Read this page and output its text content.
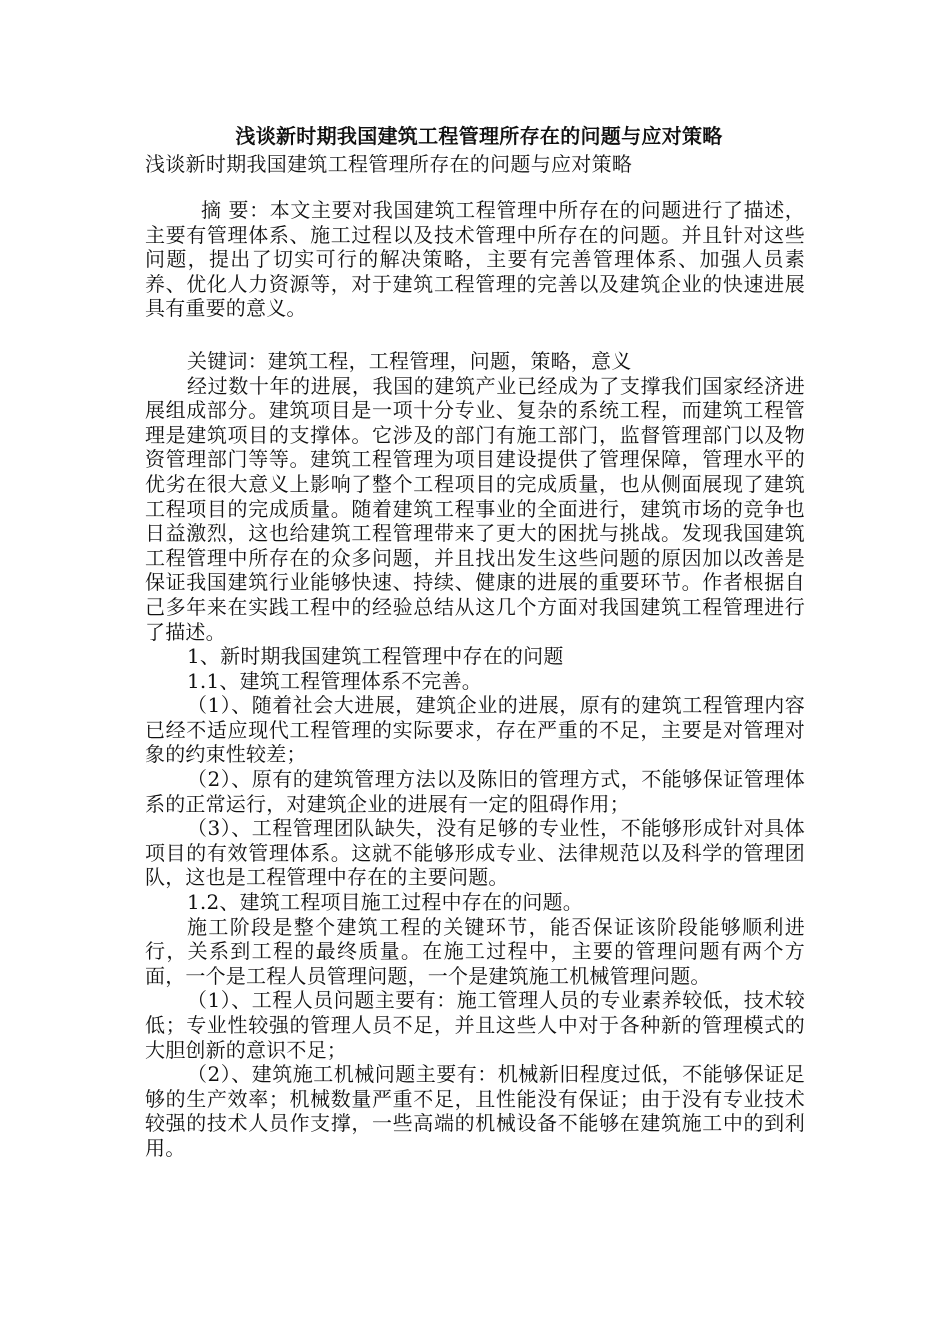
浅谈新时期我国建筑工程管理所存在的问题与应对策略

浅谈新时期我国建筑工程管理所存在的问题与应对策略

摘 要：本文主要对我国建筑工程管理中所存在的问题进行了描述，主要有管理体系、施工过程以及技术管理中所存在的问题。并且针对这些问题，提出了切实可行的解决策略，主要有完善管理体系、加强人员素养、优化人力资源等，对于建筑工程管理的完善以及建筑企业的快速进展具有重要的意义。

关键词：建筑工程，工程管理，问题，策略，意义

经过数十年的进展，我国的建筑产业已经成为了支撑我们国家经济进展组成部分。建筑项目是一项十分专业、复杂的系统工程，而建筑工程管理是建筑项目的支撑体。它涉及的部门有施工部门，监督管理部门以及物资管理部门等等。建筑工程管理为项目建设提供了管理保障，管理水平的优劣在很大意义上影响了整个工程项目的完成质量，也从侧面展现了建筑工程项目的完成质量。随着建筑工程事业的全面进行，建筑市场的竞争也日益激烈，这也给建筑工程管理带来了更大的困扰与挑战。发现我国建筑工程管理中所存在的众多问题，并且找出发生这些问题的原因加以改善是保证我国建筑行业能够快速、持续、健康的进展的重要环节。作者根据自己多年来在实践工程中的经验总结从这几个方面对我国建筑工程管理进行了描述。

1、新时期我国建筑工程管理中存在的问题

1.1、建筑工程管理体系不完善。

（1）、随着社会大进展，建筑企业的进展，原有的建筑工程管理内容已经不适应现代工程管理的实际要求，存在严重的不足，主要是对管理对象的约束性较差；

（2）、原有的建筑管理方法以及陈旧的管理方式，不能够保证管理体系的正常运行，对建筑企业的进展有一定的阻碍作用；

（3）、工程管理团队缺失，没有足够的专业性，不能够形成针对具体项目的有效管理体系。这就不能够形成专业、法律规范以及科学的管理团队，这也是工程管理中存在的主要问题。

1.2、建筑工程项目施工过程中存在的问题。

施工阶段是整个建筑工程的关键环节，能否保证该阶段能够顺利进行，关系到工程的最终质量。在施工过程中，主要的管理问题有两个方面，一个是工程人员管理问题，一个是建筑施工机械管理问题。

（1）、工程人员问题主要有：施工管理人员的专业素养较低，技术较低；专业性较强的管理人员不足，并且这些人中对于各种新的管理模式的大胆创新的意识不足；

（2）、建筑施工机械问题主要有：机械新旧程度过低，不能够保证足够的生产效率；机械数量严重不足，且性能没有保证；由于没有专业技术较强的技术人员作支撑，一些高端的机械设备不能够在建筑施工中的到利用。
